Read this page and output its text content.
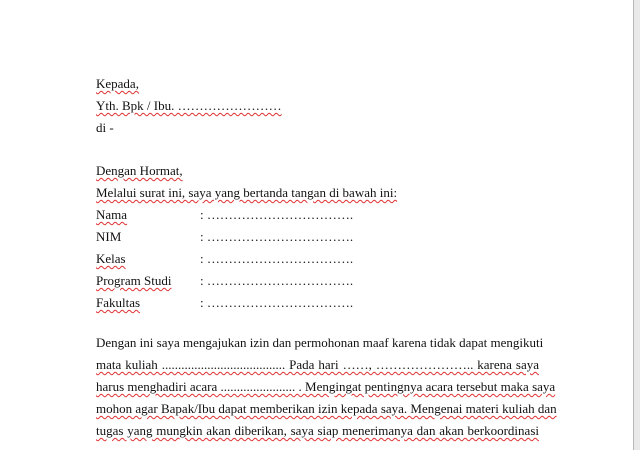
Kepada,
Yth. Bpk / Ibu. ……………………
di -
Dengan Hormat,
Melalui surat ini, saya yang bertanda tangan di bawah ini:
Nama	: …………………………….
NIM	: …………………………….
Kelas	: …………………………….
Program Studi : …………………………….
Fakultas	: …………………………….
Dengan ini saya mengajukan izin dan permohonan maaf karena tidak dapat mengikuti
mata kuliah ...................................... Pada hari ……, ………………….. karena saya
harus menghadiri acara ....................... . Mengingat pentingnya acara tersebut maka saya
mohon agar Bapak/Ibu dapat memberikan izin kepada saya. Mengenai materi kuliah dan
tugas yang mungkin akan diberikan, saya siap menerimanya dan akan berkoordinasi
